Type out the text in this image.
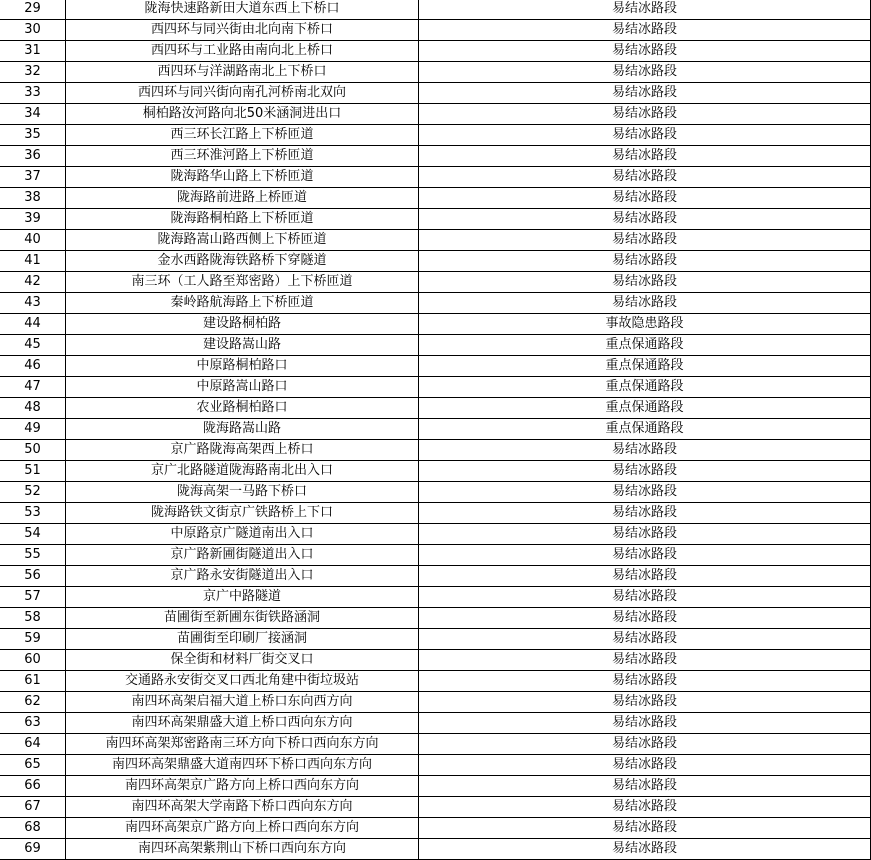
29	陇海快速路新田大道东西上下桥口	易结冰路段
30	西四环与同兴街由北向南下桥口	易结冰路段
31	西四环与工业路由南向北上桥口	易结冰路段
32	西四环与洋湖路南北上下桥口	易结冰路段
33	西四环与同兴街向南孔河桥南北双向	易结冰路段
34	桐柏路汝河路向北50米涵洞进出口	易结冰路段
35	西三环长江路上下桥匝道	易结冰路段
36	西三环淮河路上下桥匝道	易结冰路段
37	陇海路华山路上下桥匝道	易结冰路段
38	陇海路前进路上桥匝道	易结冰路段
39	陇海路桐柏路上下桥匝道	易结冰路段
40	陇海路嵩山路西侧上下桥匝道	易结冰路段
41	金水西路陇海铁路桥下穿隧道	易结冰路段
42	南三环（工人路至郑密路）上下桥匝道	易结冰路段
43	秦岭路航海路上下桥匝道	易结冰路段
44	建设路桐柏路	事故隐患路段
45	建设路嵩山路	重点保通路段
46	中原路桐柏路口	重点保通路段
47	中原路嵩山路口	重点保通路段
48	农业路桐柏路口	重点保通路段
49	陇海路嵩山路	重点保通路段
50	京广路陇海高架西上桥口	易结冰路段
51	京广北路隧道陇海路南北出入口	易结冰路段
52	陇海高架一马路下桥口	易结冰路段
53	陇海路铁文街京广铁路桥上下口	易结冰路段
54	中原路京广隧道南出入口	易结冰路段
55	京广路新圃街隧道出入口	易结冰路段
56	京广路永安街隧道出入口	易结冰路段
57	京广中路隧道	易结冰路段
58	苗圃街至新圃东街铁路涵洞	易结冰路段
59	苗圃街至印刷厂接涵洞	易结冰路段
60	保全街和材料厂街交叉口	易结冰路段
61	交通路永安街交叉口西北角建中街垃圾站	易结冰路段
62	南四环高架启福大道上桥口东向西方向	易结冰路段
63	南四环高架鼎盛大道上桥口西向东方向	易结冰路段
64	南四环高架郑密路南三环方向下桥口西向东方向	易结冰路段
65	南四环高架鼎盛大道南四环下桥口西向东方向	易结冰路段
66	南四环高架京广路方向上桥口西向东方向	易结冰路段
67	南四环高架大学南路下桥口西向东方向	易结冰路段
68	南四环高架京广路方向上桥口西向东方向	易结冰路段
69	南四环高架紫荆山下桥口西向东方向	易结冰路段
